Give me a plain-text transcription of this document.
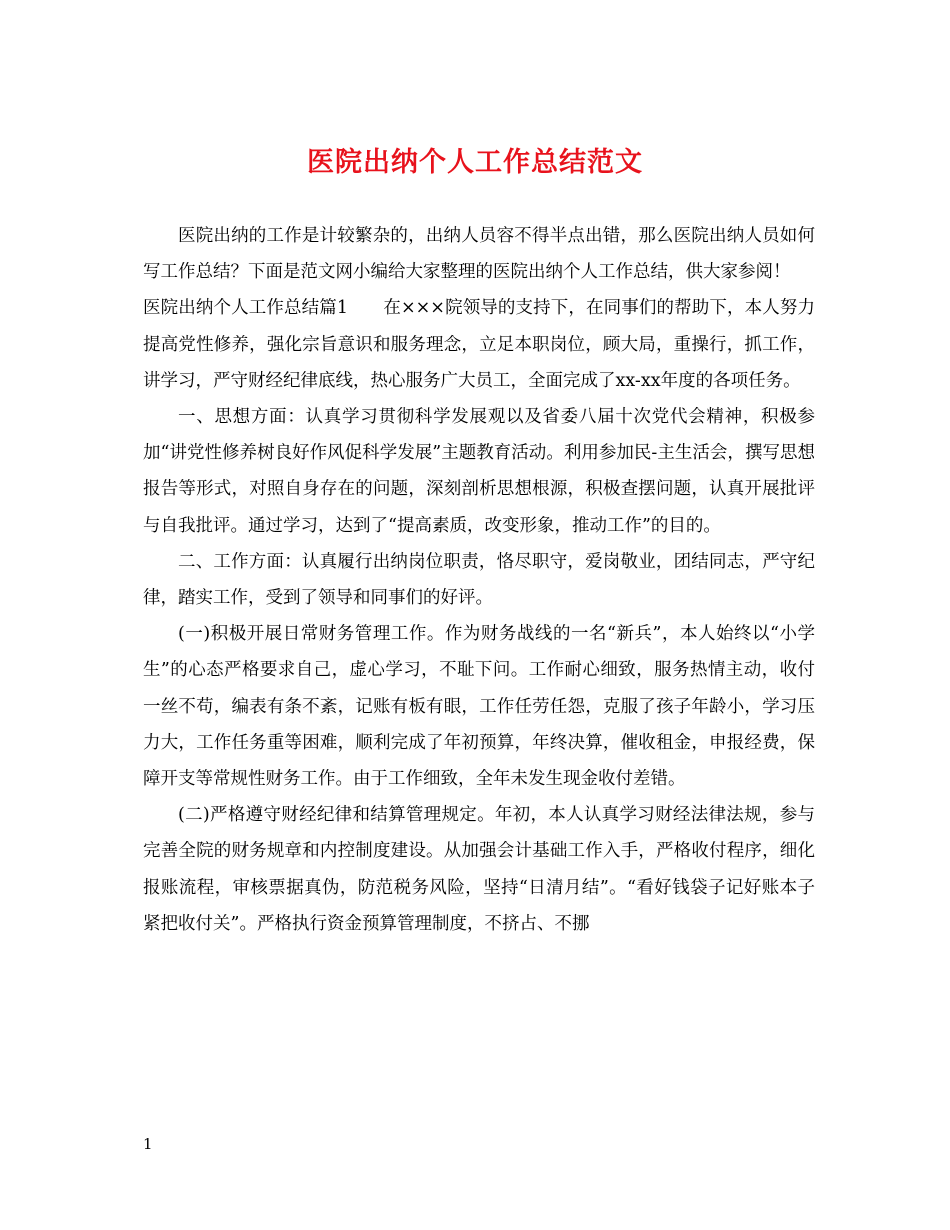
医院出纳个人工作总结范文

医院出纳的工作是计较繁杂的，出纳人员容不得半点出错，那么医院出纳人员如何写工作总结？下面是范文网小编给大家整理的医院出纳个人工作总结，供大家参阅！

医院出纳个人工作总结篇1　　在×××院领导的支持下，在同事们的帮助下，本人努力提高党性修养，强化宗旨意识和服务理念，立足本职岗位，顾大局，重操行，抓工作，讲学习，严守财经纪律底线，热心服务广大员工，全面完成了xx-xx年度的各项任务。

一、思想方面：认真学习贯彻科学发展观以及省委八届十次党代会精神，积极参加“讲党性修养树良好作风促科学发展”主题教育活动。利用参加民-主生活会，撰写思想报告等形式，对照自身存在的问题，深刻剖析思想根源，积极查摆问题，认真开展批评与自我批评。通过学习，达到了“提高素质，改变形象，推动工作”的目的。

二、工作方面：认真履行出纳岗位职责，恪尽职守，爱岗敬业，团结同志，严守纪律，踏实工作，受到了领导和同事们的好评。

(一)积极开展日常财务管理工作。作为财务战线的一名“新兵”，本人始终以“小学生”的心态严格要求自己，虚心学习，不耻下问。工作耐心细致，服务热情主动，收付一丝不苟，编表有条不紊，记账有板有眼，工作任劳任怨，克服了孩子年龄小，学习压力大，工作任务重等困难，顺利完成了年初预算，年终决算，催收租金，申报经费，保障开支等常规性财务工作。由于工作细致，全年未发生现金收付差错。

(二)严格遵守财经纪律和结算管理规定。年初，本人认真学习财经法律法规，参与完善全院的财务规章和内控制度建设。从加强会计基础工作入手，严格收付程序，细化报账流程，审核票据真伪，防范税务风险，坚持“日清月结”。“看好钱袋子记好账本子紧把收付关”。严格执行资金预算管理制度，不挤占、不挪

1
